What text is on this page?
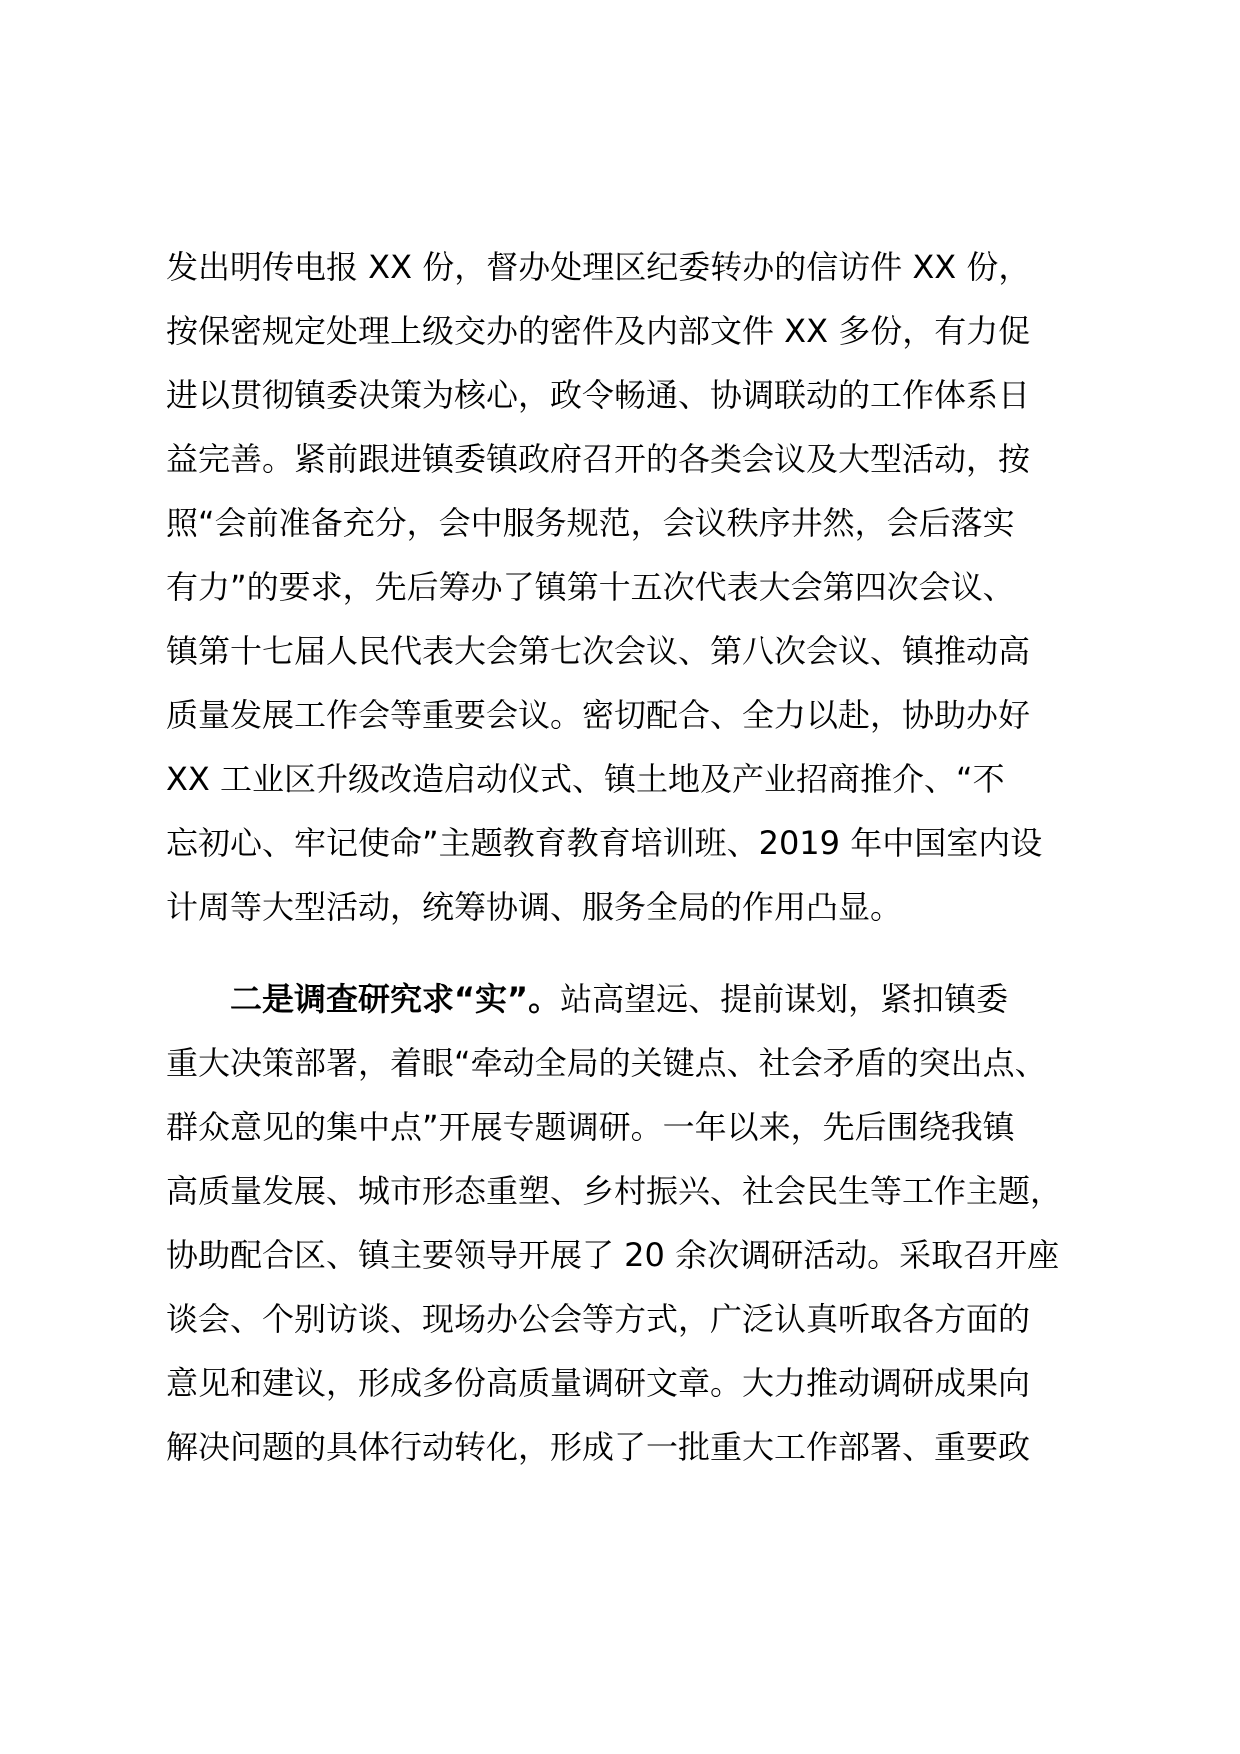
发出明传电报 XX 份，督办处理区纪委转办的信访件 XX 份，
按保密规定处理上级交办的密件及内部文件 XX 多份，有力促
进以贯彻镇委决策为核心，政令畅通、协调联动的工作体系日
益完善。紧前跟进镇委镇政府召开的各类会议及大型活动，按
照“会前准备充分，会中服务规范，会议秩序井然，会后落实
有力”的要求，先后筹办了镇第十五次代表大会第四次会议、
镇第十七届人民代表大会第七次会议、第八次会议、镇推动高
质量发展工作会等重要会议。密切配合、全力以赴，协助办好
XX 工业区升级改造启动仪式、镇土地及产业招商推介、“不
忘初心、牢记使命”主题教育教育培训班、2019 年中国室内设
计周等大型活动，统筹协调、服务全局的作用凸显。
二是调查研究求“实”。站高望远、提前谋划，紧扣镇委
重大决策部署，着眼“牵动全局的关键点、社会矛盾的突出点、
群众意见的集中点”开展专题调研。一年以来，先后围绕我镇
高质量发展、城市形态重塑、乡村振兴、社会民生等工作主题，
协助配合区、镇主要领导开展了 20 余次调研活动。采取召开座
谈会、个别访谈、现场办公会等方式，广泛认真听取各方面的
意见和建议，形成多份高质量调研文章。大力推动调研成果向
解决问题的具体行动转化，形成了一批重大工作部署、重要政
